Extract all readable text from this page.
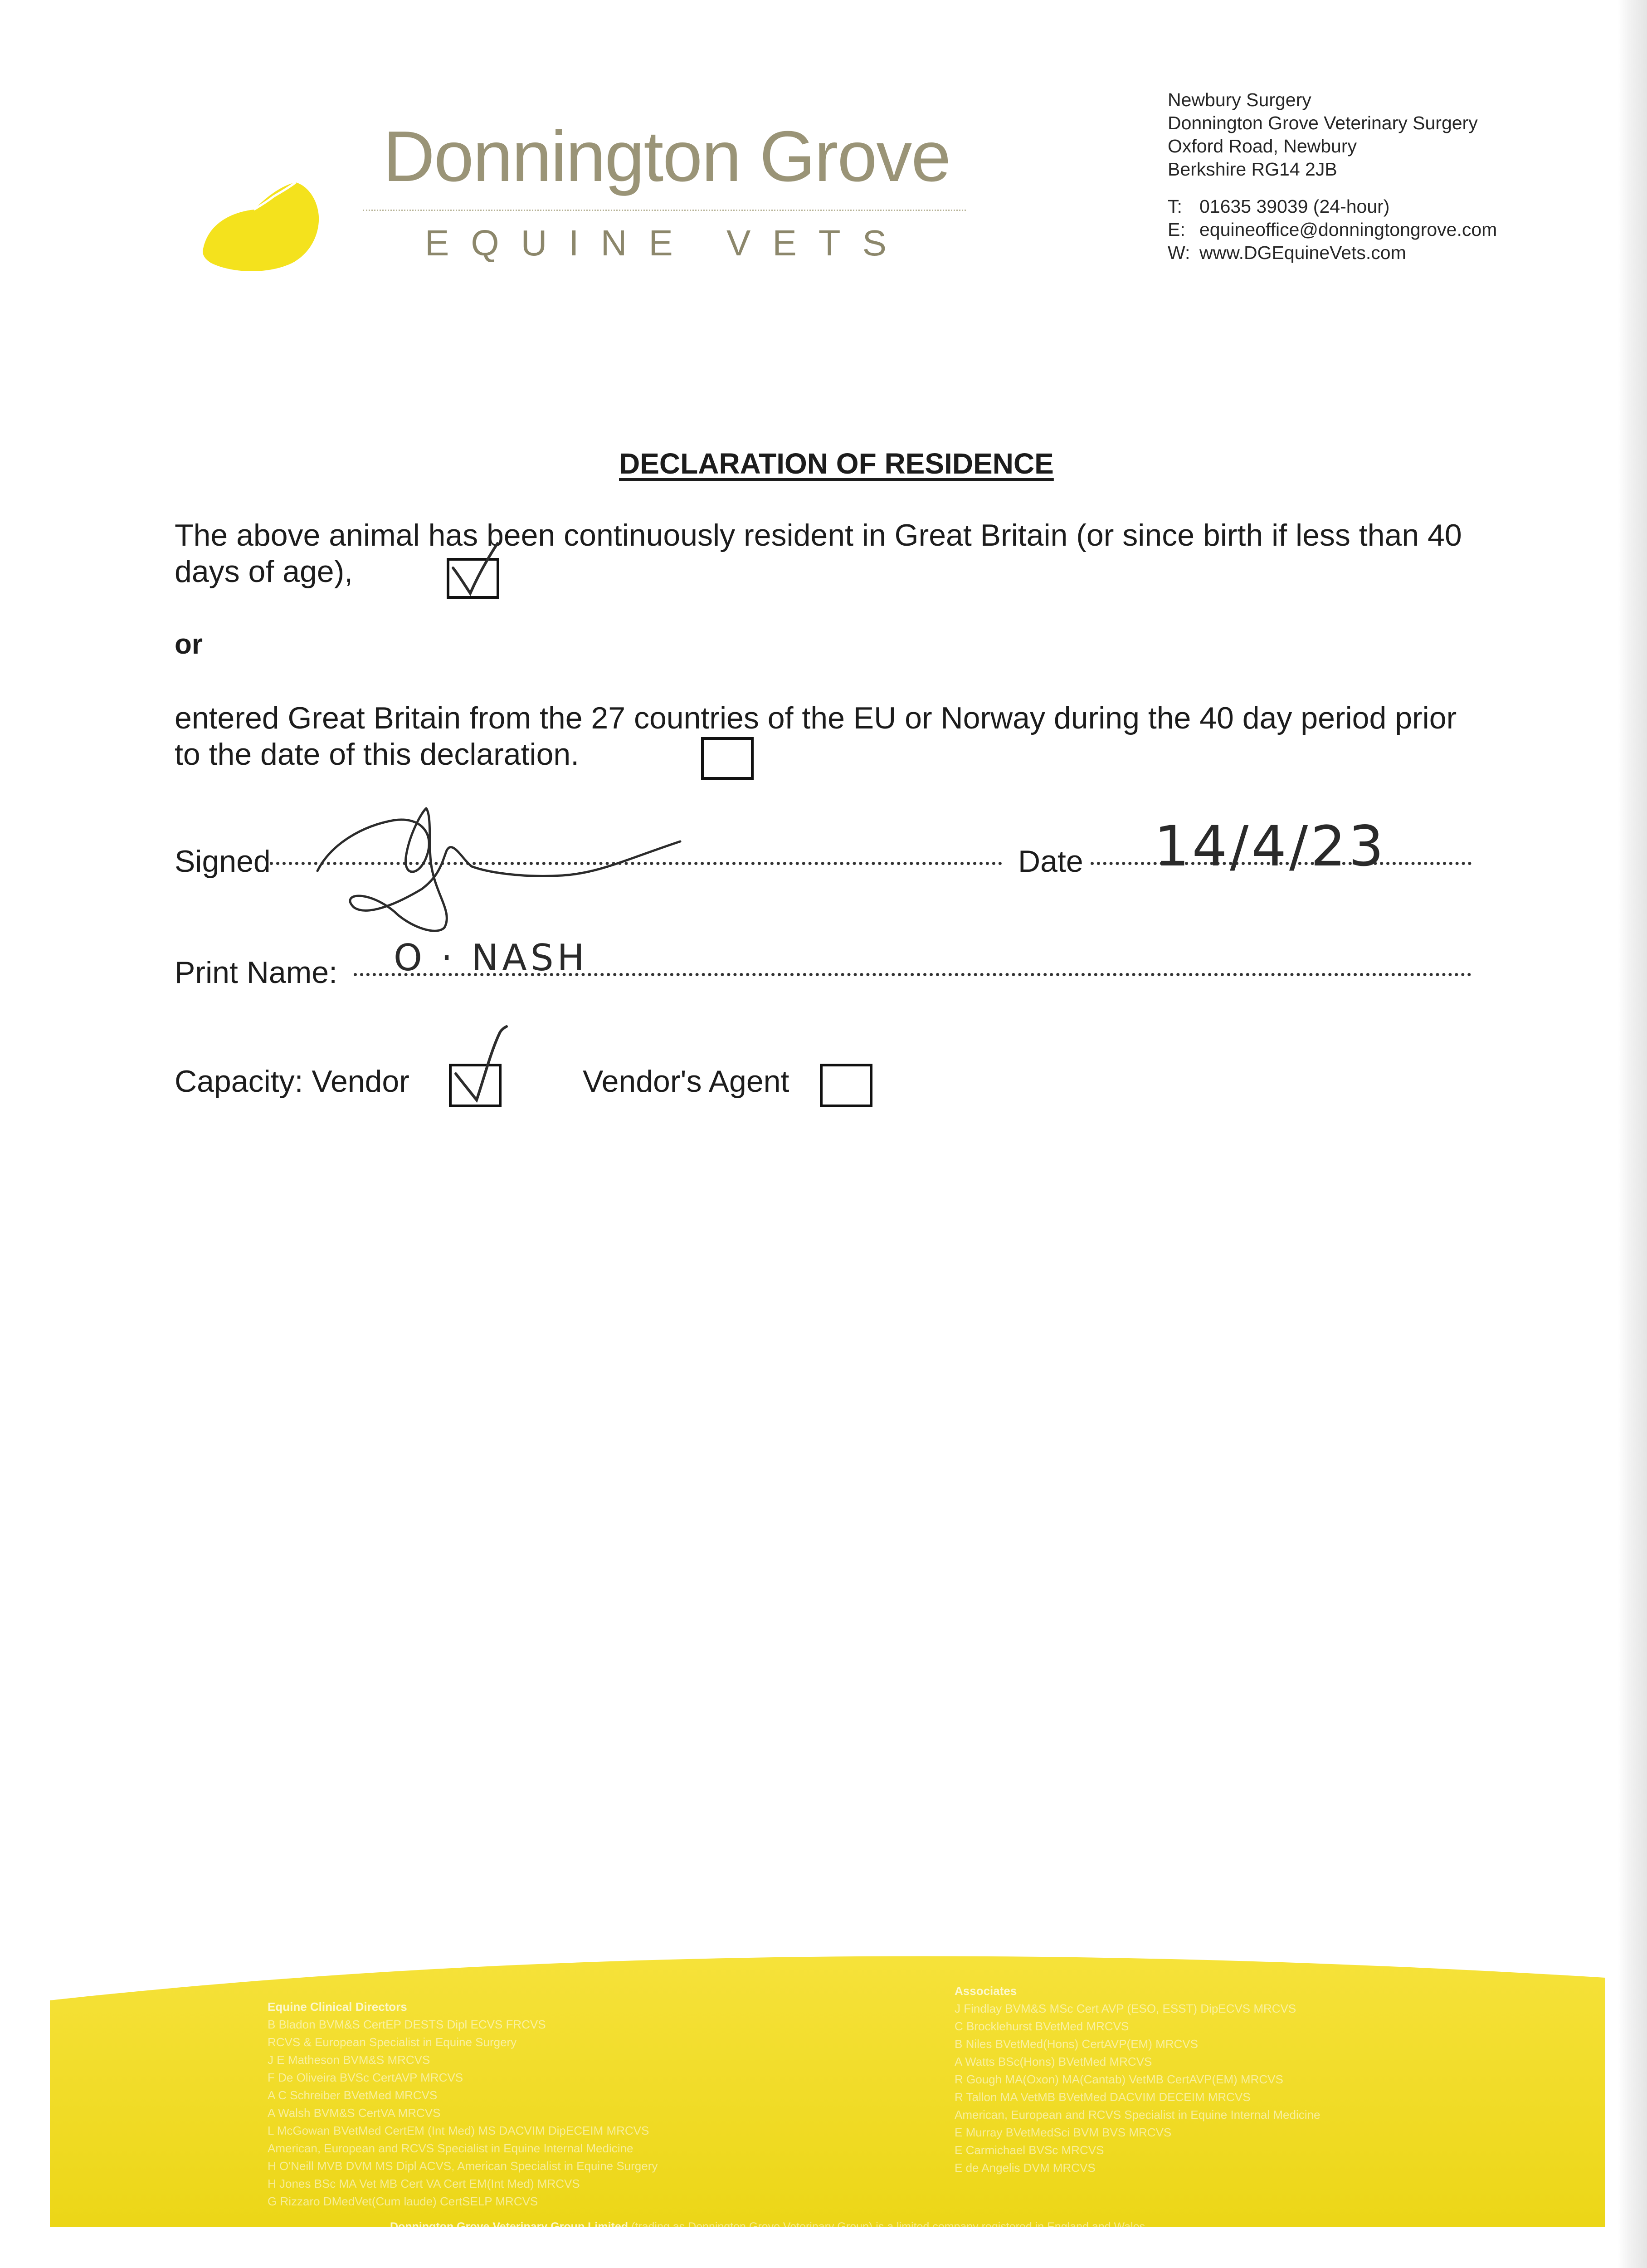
Donnington Grove
EQUINE VETS
Newbury Surgery
Donnington Grove Veterinary Surgery
Oxford Road, Newbury
Berkshire RG14 2JB
T: 01635 39039 (24-hour)
E: equineoffice@donningtongrove.com
W: www.DGEquineVets.com
DECLARATION OF RESIDENCE
The above animal has been continuously resident in Great Britain (or since birth if less than 40 days of age),
or
entered Great Britain from the 27 countries of the EU or Norway during the 40 day period prior to the date of this declaration.
Signed	Date 14/4/23
Print Name: O · NASH
Capacity: Vendor	Vendor's Agent
Equine Clinical Directors
B Bladon BVM&S CertEP DESTS Dipl ECVS FRCVS
RCVS & European Specialist in Equine Surgery
J E Matheson BVM&S MRCVS
F De Oliveira BVSc CertAVP MRCVS
A C Schreiber BVetMed MRCVS
A Walsh BVM&S CertVA MRCVS
L McGowan BVetMed CertEM (Int Med) MS DACVIM DipECEIM MRCVS
American, European and RCVS Specialist in Equine Internal Medicine
H O'Neill MVB DVM MS Dipl ACVS, American Specialist in Equine Surgery
H Jones BSc MA Vet MB Cert VA Cert EM(Int Med) MRCVS
G Rizzaro DMedVet(Cum laude) CertSELP MRCVS
Associates
J Findlay BVM&S MSc Cert AVP (ESO, ESST) DipECVS MRCVS
C Brocklehurst BVetMed MRCVS
B Niles BVetMed(Hons) CertAVP(EM) MRCVS
A Watts BSc(Hons) BVetMed MRCVS
R Gough MA(Oxon) MA(Cantab) VetMB CertAVP(EM) MRCVS
R Tallon MA VetMB BVetMed DACVIM DECEIM MRCVS
American, European and RCVS Specialist in Equine Internal Medicine
E Murray BVetMedSci BVM BVS MRCVS
E Carmichael BVSc MRCVS
E de Angelis DVM MRCVS
Donnington Grove Veterinary Group Limited (trading as Donnington Grove Veterinary Group) is a limited company registered in England and Wales.
